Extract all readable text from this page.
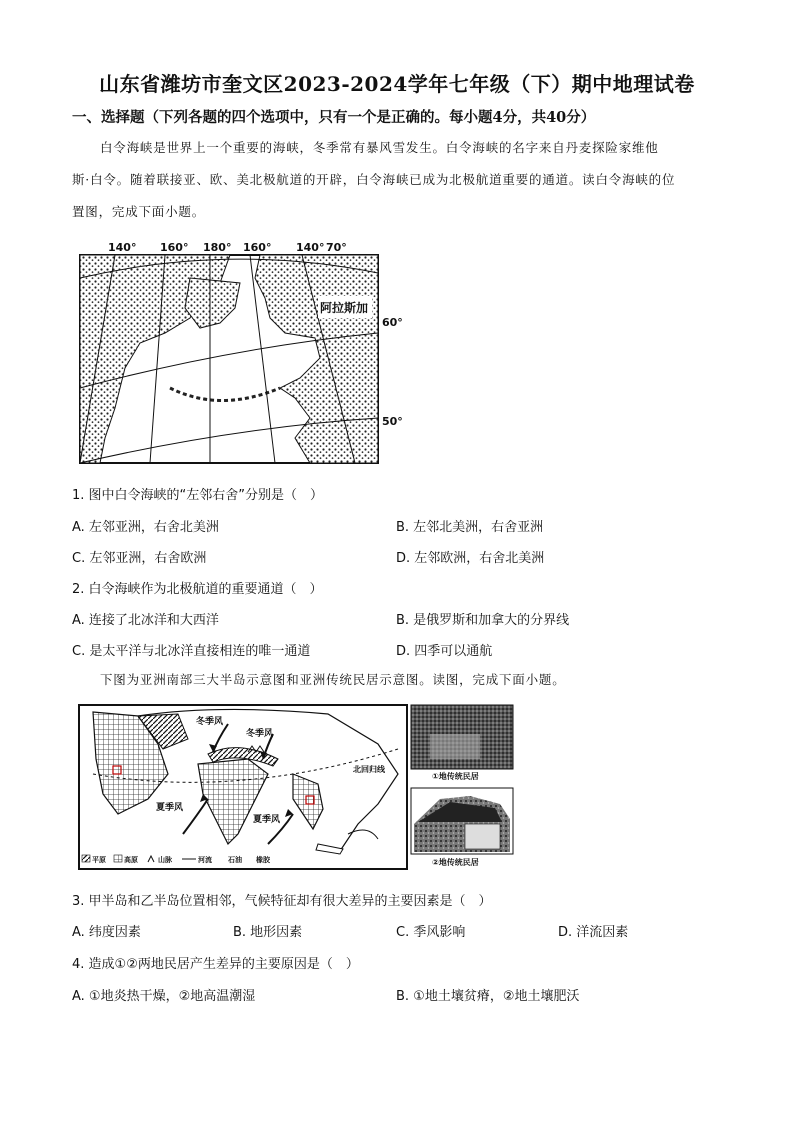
山东省潍坊市奎文区2023-2024学年七年级（下）期中地理试卷
一、选择题（下列各题的四个选项中，只有一个是正确的。每小题4分，共40分）
白令海峡是世界上一个重要的海峡，冬季常有暴风雪发生。白令海峡的名字来自丹麦探险家维他
斯·白令。随着联接亚、欧、美北极航道的开辟，白令海峡已成为北极航道重要的通道。读白令海峡的位
置图，完成下面小题。
140° 160° 180° 160° 140° 70°
阿拉斯加
60°
50°
1. 图中白令海峡的“左邻右舍”分别是（　）
A. 左邻亚洲，右舍北美洲	B. 左邻北美洲，右舍亚洲
C. 左邻亚洲，右舍欧洲	D. 左邻欧洲，右舍北美洲
2. 白令海峡作为北极航道的重要通道（　）
A. 连接了北冰洋和大西洋	B. 是俄罗斯和加拿大的分界线
C. 是太平洋与北冰洋直接相连的唯一通道	D. 四季可以通航
下图为亚洲南部三大半岛示意图和亚洲传统民居示意图。读图，完成下面小题。
冬季风
冬季风
夏季风
夏季风
北回归线
平原	高原	山脉	河流 石油 橡胶
①地传统民居
②地传统民居
3. 甲半岛和乙半岛位置相邻，气候特征却有很大差异的主要因素是（　）
A. 纬度因素	B. 地形因素	C. 季风影响	D. 洋流因素
4. 造成①②两地民居产生差异的主要原因是（　）
A. ①地炎热干燥，②地高温潮湿	B. ①地土壤贫瘠，②地土壤肥沃
